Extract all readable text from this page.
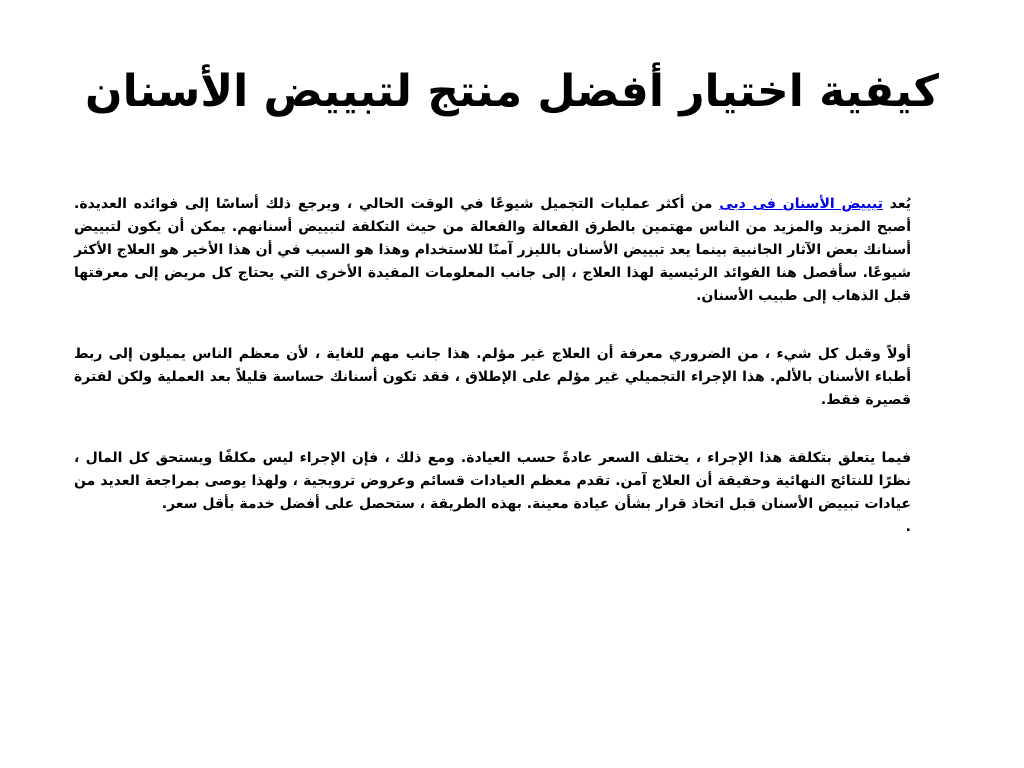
كيفية اختيار أفضل منتج لتبييض الأسنان

يُعد تبييض الأسنان فى دبى من أكثر عمليات التجميل شيوعًا في الوقت الحالي ، ويرجع ذلك أساسًا إلى فوائده العديدة. أصبح المزيد والمزيد من الناس مهتمين بالطرق الفعالة والفعالة من حيث التكلفة لتبييض أسنانهم. يمكن أن يكون لتبييض أسنانك بعض الآثار الجانبية بينما يعد تبييض الأسنان بالليزر آمنًا للاستخدام وهذا هو السبب في أن هذا الأخير هو العلاج الأكثر شيوعًا. سأفصل هنا الفوائد الرئيسية لهذا العلاج ، إلى جانب المعلومات المفيدة الأخرى التي يحتاج كل مريض إلى معرفتها قبل الذهاب إلى طبيب الأسنان.

أولاً وقبل كل شيء ، من الضروري معرفة أن العلاج غير مؤلم. هذا جانب مهم للغاية ، لأن معظم الناس يميلون إلى ربط أطباء الأسنان بالألم. هذا الإجراء التجميلي غير مؤلم على الإطلاق ، فقد تكون أسنانك حساسة قليلاً بعد العملية ولكن لفترة قصيرة فقط.

فيما يتعلق بتكلفة هذا الإجراء ، يختلف السعر عادةً حسب العيادة. ومع ذلك ، فإن الإجراء ليس مكلفًا ويستحق كل المال ، نظرًا للنتائج النهائية وحقيقة أن العلاج آمن. تقدم معظم العيادات قسائم وعروض ترويجية ، ولهذا يوصى بمراجعة العديد من عيادات تبييض الأسنان قبل اتخاذ قرار بشأن عيادة معينة. بهذه الطريقة ، ستحصل على أفضل خدمة بأقل سعر.
.
